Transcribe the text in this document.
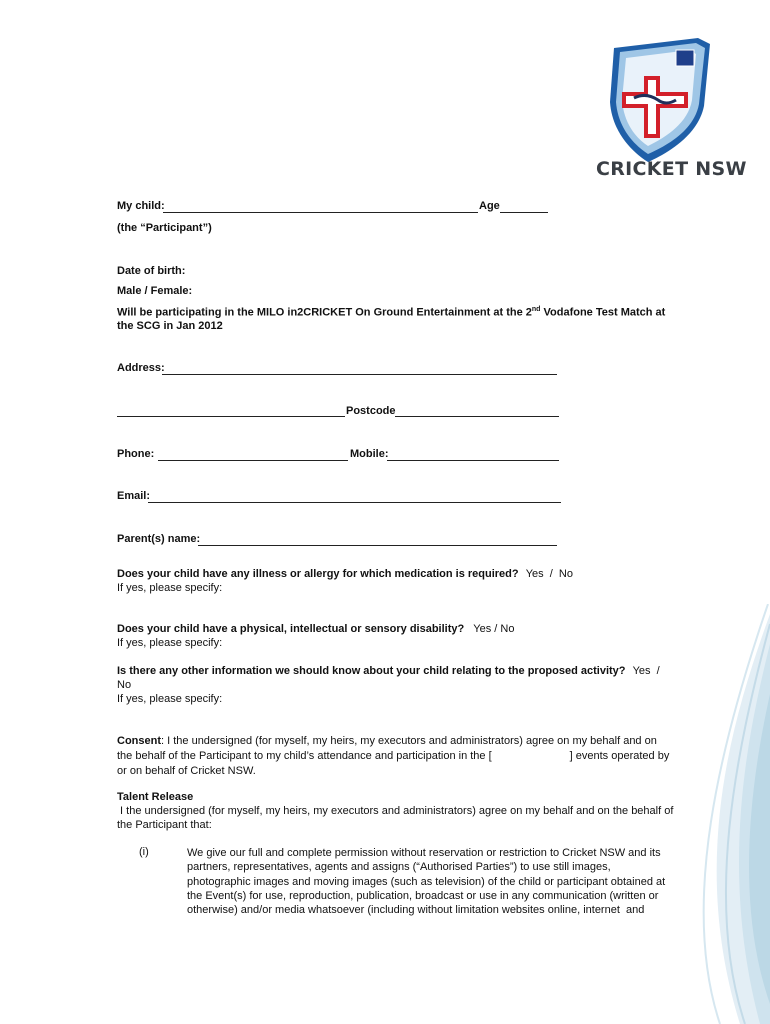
CRICKET NSW
My child:	Age
(the “Participant”)
Date of birth:
Male / Female:
Will be participating in the MILO in2CRICKET On Ground Entertainment at the 2nd Vodafone Test Match at
the SCG in Jan 2012
Address:
Postcode
Phone:	Mobile:
Email:
Parent(s) name:
Does your child have any illness or allergy for which medication is required? Yes  /  No
If yes, please specify:
Does your child have a physical, intellectual or sensory disability? Yes / No
If yes, please specify:
Is there any other information we should know about your child relating to the proposed activity? Yes  /
No
If yes, please specify:
Consent: I the undersigned (for myself, my heirs, my executors and administrators) agree on my behalf and on
the behalf of the Participant to my child’s attendance and participation in the [	] events operated by
or on behalf of Cricket NSW.
Talent Release
I the undersigned (for myself, my heirs, my executors and administrators) agree on my behalf and on the behalf of
the Participant that:
(i)	We give our full and complete permission without reservation or restriction to Cricket NSW and its
partners, representatives, agents and assigns (“Authorised Parties”) to use still images,
photographic images and moving images (such as television) of the child or participant obtained at
the Event(s) for use, reproduction, publication, broadcast or use in any communication (written or
otherwise) and/or media whatsoever (including without limitation websites online, internet  and
